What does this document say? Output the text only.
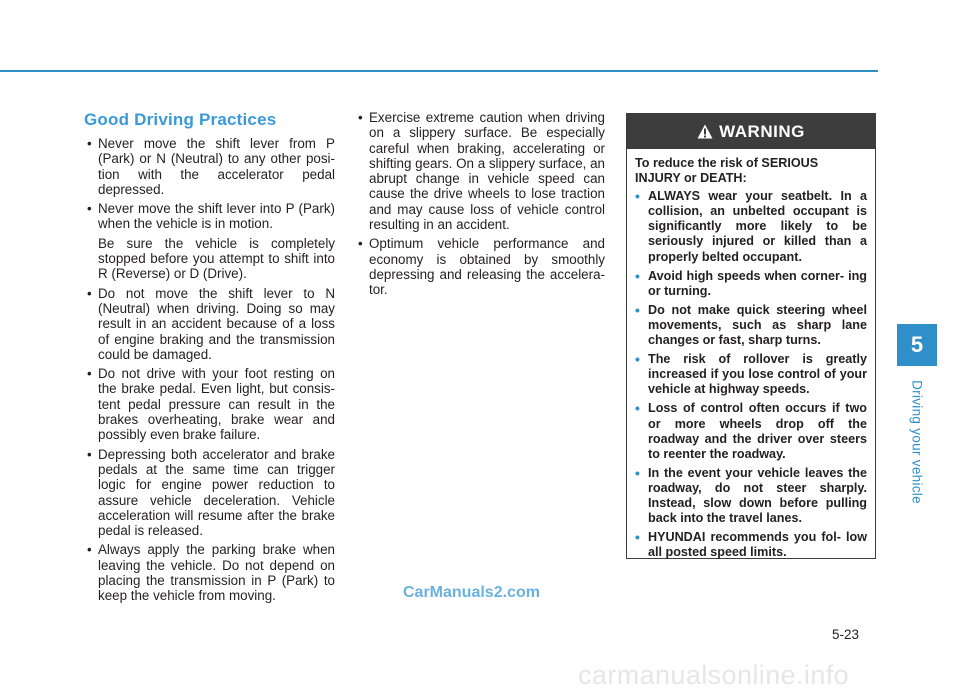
Good Driving Practices
• Never move the shift lever from P (Park) or N (Neutral) to any other posi- tion with the accelerator pedal depressed.
• Never move the shift lever into P (Park) when the vehicle is in motion.

Be sure the vehicle is completely stopped before you attempt to shift into R (Reverse) or D (Drive).

• Do not move the shift lever to N (Neutral) when driving. Doing so may result in an accident because of a loss of engine braking and the transmission could be damaged.
• Do not drive with your foot resting on the brake pedal. Even light, but consis- tent pedal pressure can result in the brakes overheating, brake wear and possibly even brake failure.
• Depressing both accelerator and brake pedals at the same time can trigger logic for engine power reduction to assure vehicle deceleration. Vehicle acceleration will resume after the brake pedal is released.
• Always apply the parking brake when leaving the vehicle. Do not depend on placing the transmission in P (Park) to keep the vehicle from moving.
• Exercise extreme caution when driving on a slippery surface. Be especially careful when braking, accelerating or shifting gears. On a slippery surface, an abrupt change in vehicle speed can cause the drive wheels to lose traction and may cause loss of vehicle control resulting in an accident.
• Optimum vehicle performance and economy is obtained by smoothly depressing and releasing the accelera- tor.
WARNING

To reduce the risk of SERIOUS INJURY or DEATH:

• ALWAYS wear your seatbelt. In a collision, an unbelted occupant is significantly more likely to be seriously injured or killed than a properly belted occupant.
• Avoid high speeds when corner- ing or turning.
• Do not make quick steering wheel movements, such as sharp lane changes or fast, sharp turns.
• The risk of rollover is greatly increased if you lose control of your vehicle at highway speeds.
• Loss of control often occurs if two or more wheels drop off the roadway and the driver over steers to reenter the roadway.
• In the event your vehicle leaves the roadway, do not steer sharply. Instead, slow down before pulling back into the travel lanes.
• HYUNDAI recommends you fol- low all posted speed limits.
5
Driving your vehicle
5-23
CarManuals2.com
carmanualsonline.info
